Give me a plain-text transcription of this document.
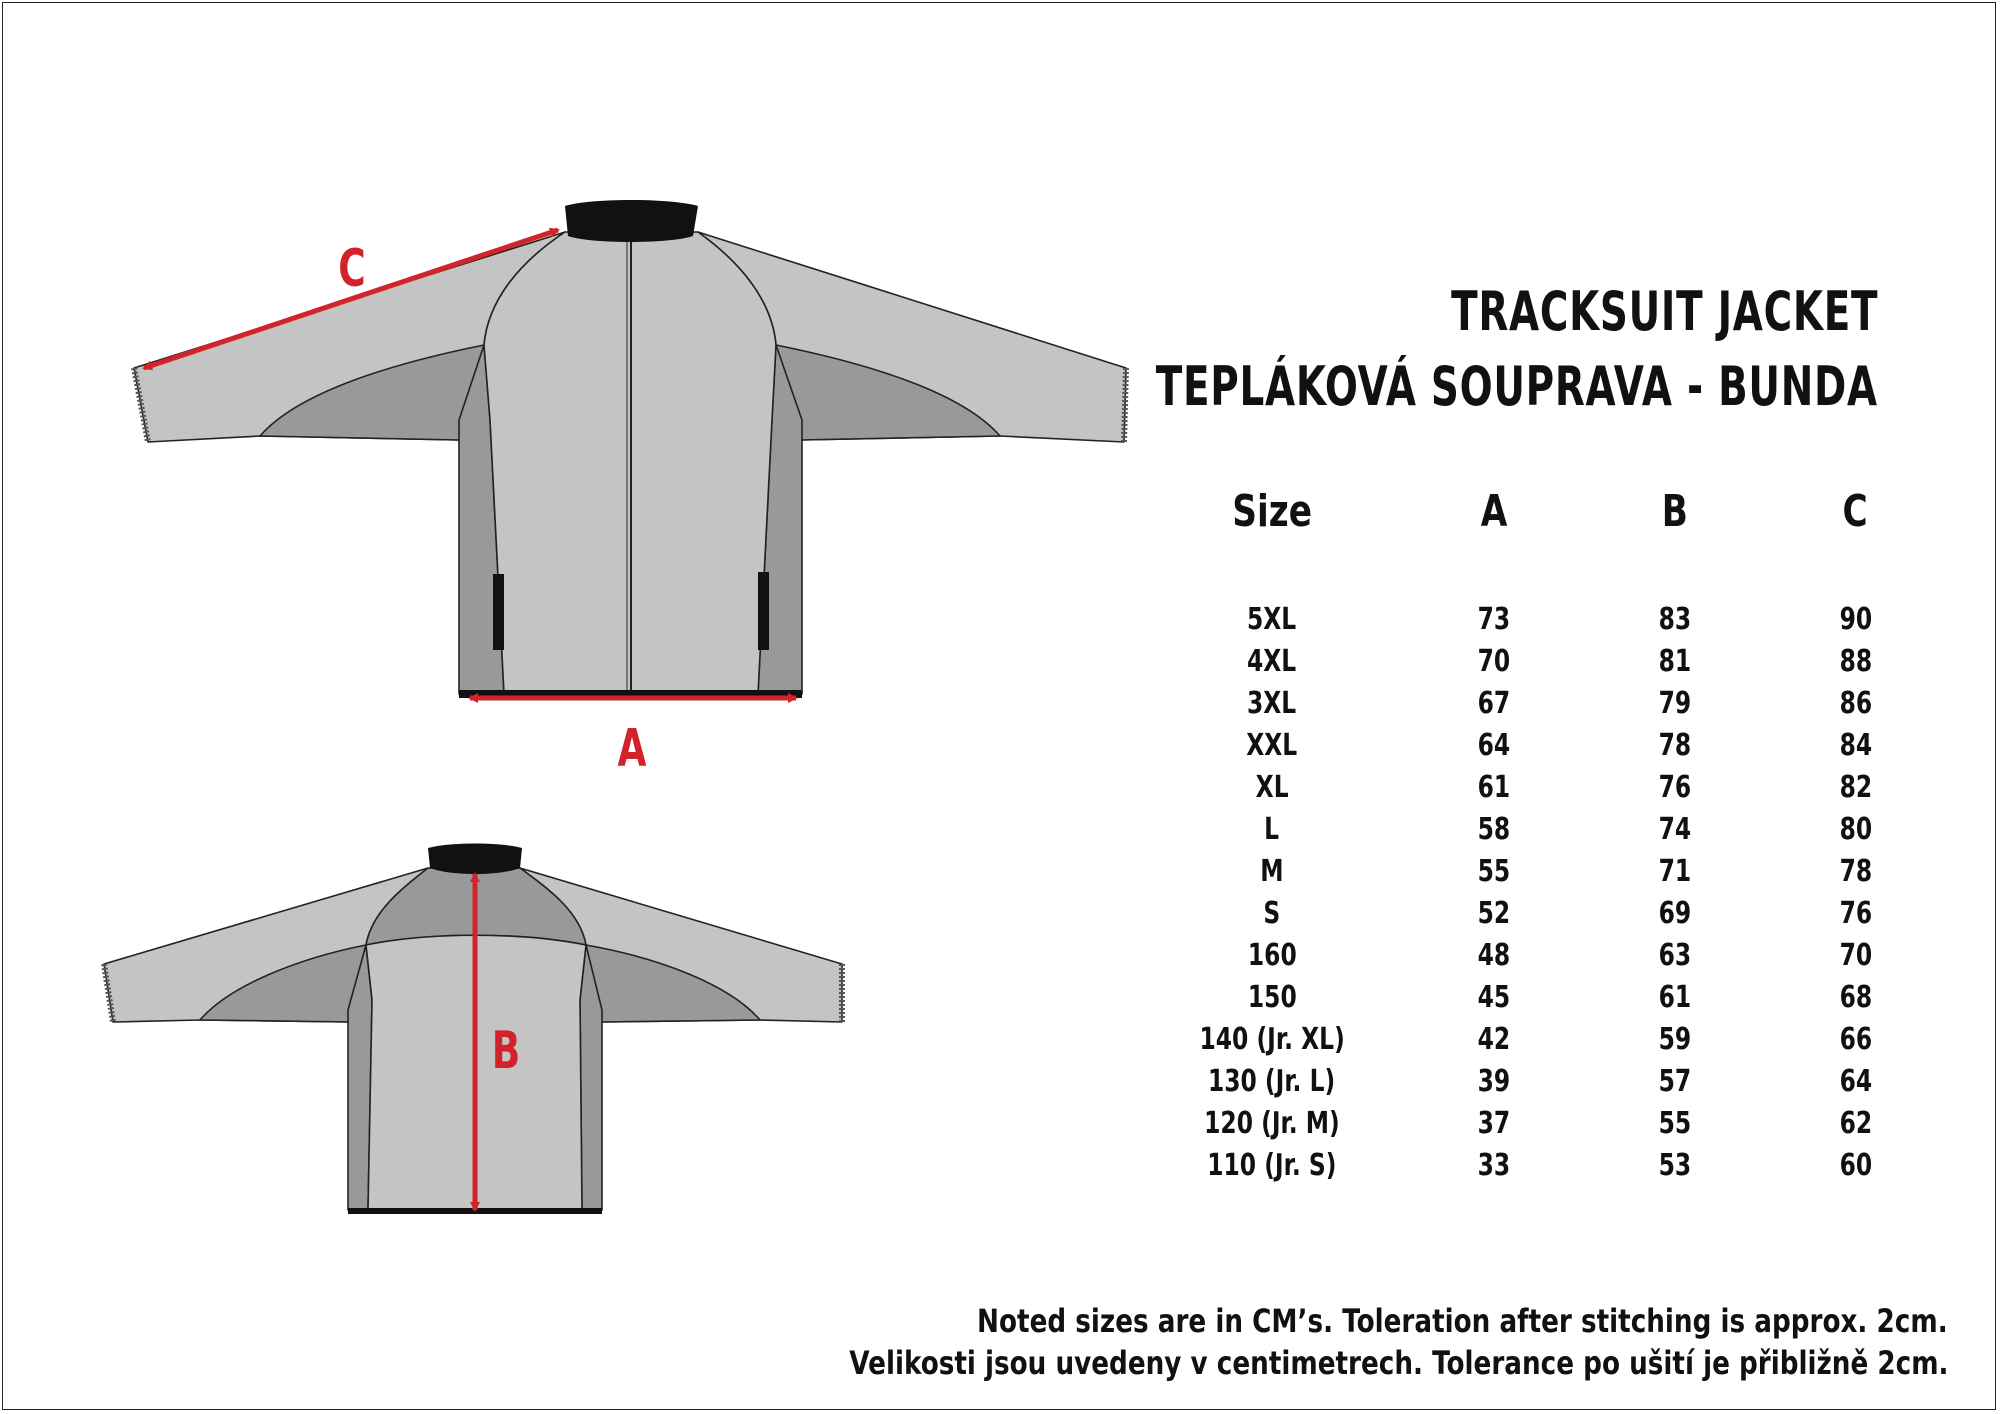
A
C
B
TRACKSUIT JACKET
TEPLÁKOVÁ SOUPRAVA - BUNDA
Size	A	B	C

5XL	73	83	90
4XL	70	81	88
3XL	67	79	86
XXL	64	78	84
XL	61	76	82
L	58	74	80
M	55	71	78
S	52	69	76
160	48	63	70
150	45	61	68
140 (Jr. XL)	42	59	66
130 (Jr. L)	39	57	64
120 (Jr. M)	37	55	62
110 (Jr. S)	33	53	60
Noted sizes are in CM’s. Toleration after stitching is approx. 2cm.
Velikosti jsou uvedeny v centimetrech. Tolerance po ušití je přibližně 2cm.
